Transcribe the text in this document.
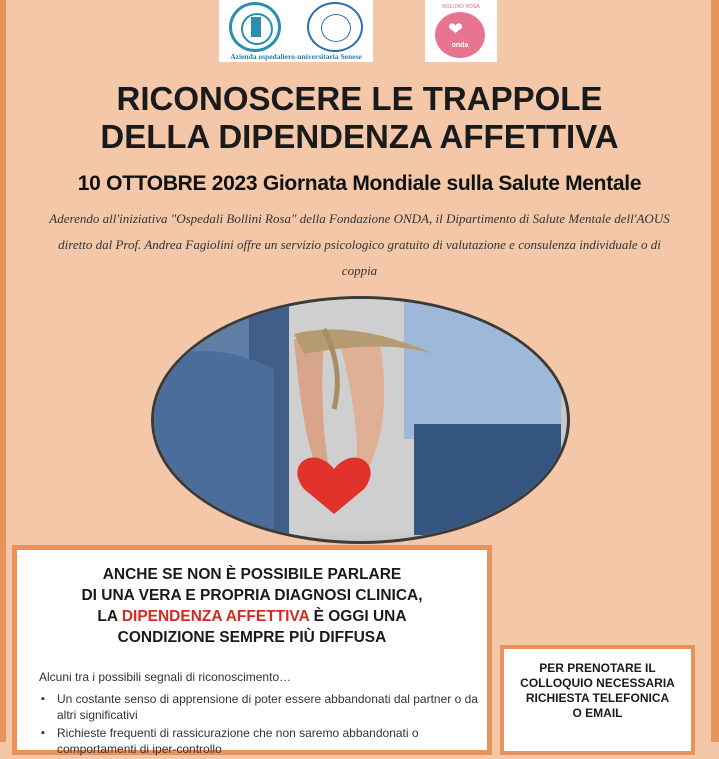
Azienda ospedaliero-universitaria Senese
BOLLINO ROSA
❤
onda
RICONOSCERE LE TRAPPOLE
DELLA DIPENDENZA AFFETTIVA
10 OTTOBRE 2023 Giornata Mondiale sulla Salute Mentale
Aderendo all'iniziativa "Ospedali Bollini Rosa" della Fondazione ONDA, il Dipartimento di Salute Mentale dell'AOUS diretto dal Prof. Andrea Fagiolini offre un servizio psicologico gratuito di valutazione e consulenza individuale o di coppia
ANCHE SE NON È POSSIBILE PARLARE
DI UNA VERA E PROPRIA DIAGNOSI CLINICA,
LA DIPENDENZA AFFETTIVA È OGGI UNA
CONDIZIONE SEMPRE PIÙ DIFFUSA
Alcuni tra i possibili segnali di riconoscimento…
▪ Un costante senso di apprensione di poter essere abbandonati dal partner o da altri significativi
▪ Richieste frequenti di rassicurazione che non saremo abbandonati o comportamenti di iper-controllo
PER PRENOTARE IL
COLLOQUIO NECESSARIA
RICHIESTA TELEFONICA
O EMAIL
